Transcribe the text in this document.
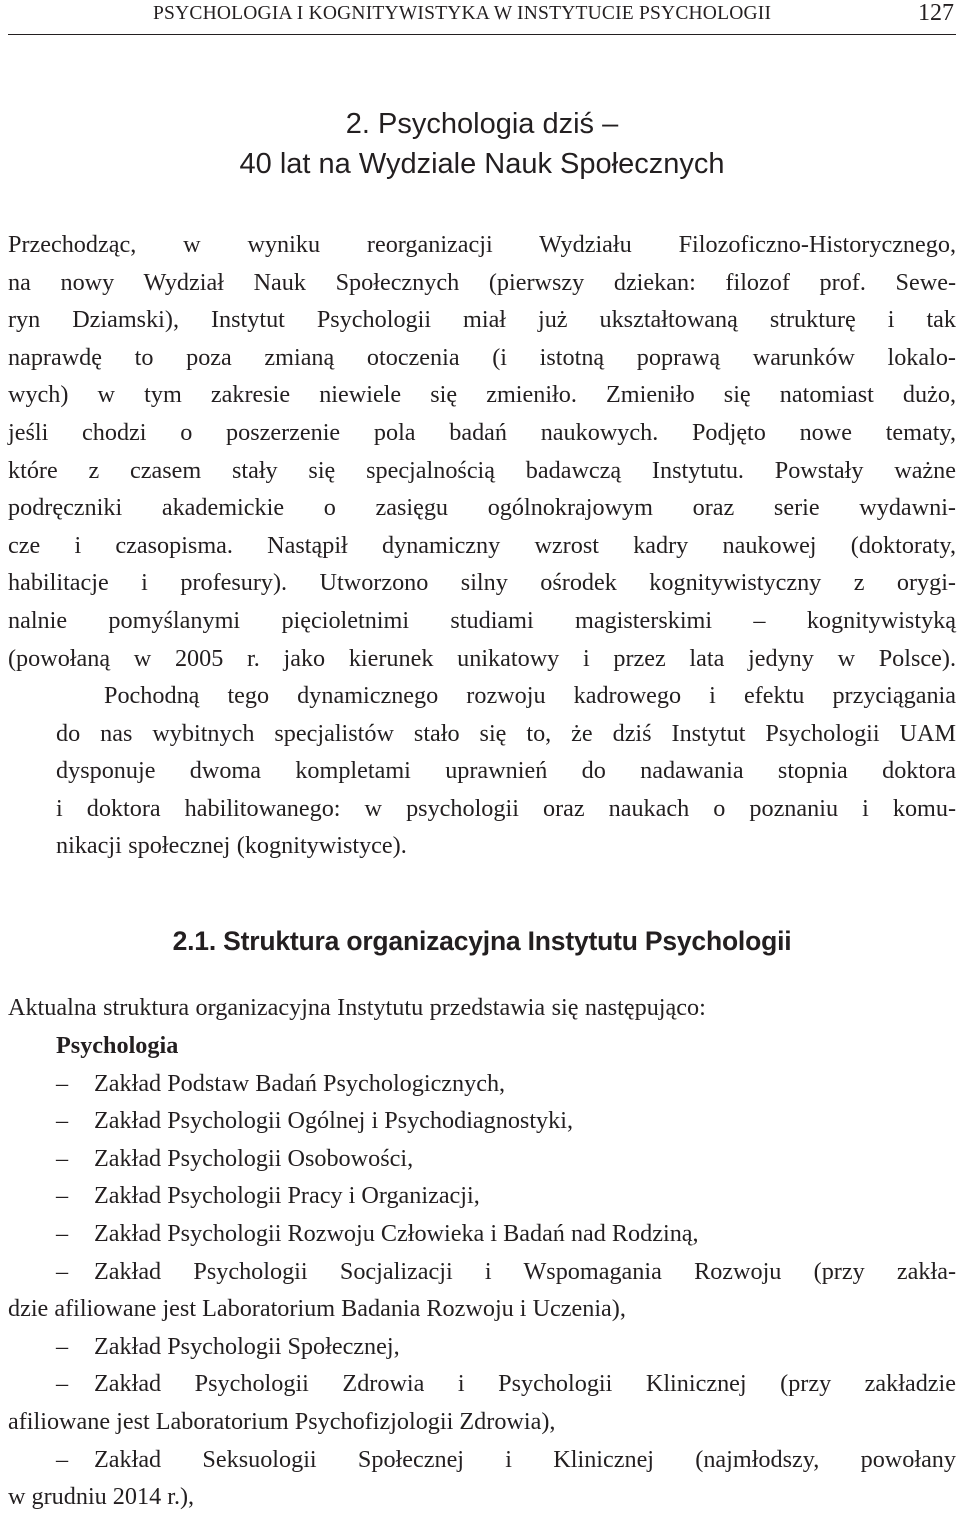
PSYCHOLOGIA I KOGNITYWISTYKA W INSTYTUCIE PSYCHOLOGII	127
2. Psychologia dziś –
40 lat na Wydziale Nauk Społecznych
Przechodząc, w wyniku reorganizacji Wydziału Filozoficzno-Historycznego,
na nowy Wydział Nauk Społecznych (pierwszy dziekan: filozof prof. Sewe-
ryn Dziamski), Instytut Psychologii miał już ukształtowaną strukturę i tak
naprawdę to poza zmianą otoczenia (i istotną poprawą warunków lokalo-
wych) w tym zakresie niewiele się zmieniło. Zmieniło się natomiast dużo,
jeśli chodzi o poszerzenie pola badań naukowych. Podjęto nowe tematy,
które z czasem stały się specjalnością badawczą Instytutu. Powstały ważne
podręczniki akademickie o zasięgu ogólnokrajowym oraz serie wydawni-
cze i czasopisma. Nastąpił dynamiczny wzrost kadry naukowej (doktoraty,
habilitacje i profesury). Utworzono silny ośrodek kognitywistyczny z orygi-
nalnie pomyślanymi pięcioletnimi studiami magisterskimi – kognitywistyką
(powołaną w 2005 r. jako kierunek unikatowy i przez lata jedyny w Polsce).
Pochodną tego dynamicznego rozwoju kadrowego i efektu przyciągania
do nas wybitnych specjalistów stało się to, że dziś Instytut Psychologii UAM
dysponuje dwoma kompletami uprawnień do nadawania stopnia doktora
i doktora habilitowanego: w psychologii oraz naukach o poznaniu i komu-
nikacji społecznej (kognitywistyce).
2.1. Struktura organizacyjna Instytutu Psychologii
Aktualna struktura organizacyjna Instytutu przedstawia się następująco:
Psychologia
– Zakład Podstaw Badań Psychologicznych,
– Zakład Psychologii Ogólnej i Psychodiagnostyki,
– Zakład Psychologii Osobowości,
– Zakład Psychologii Pracy i Organizacji,
– Zakład Psychologii Rozwoju Człowieka i Badań nad Rodziną,
– Zakład Psychologii Socjalizacji i Wspomagania Rozwoju (przy zakła-
dzie afiliowane jest Laboratorium Badania Rozwoju i Uczenia),
– Zakład Psychologii Społecznej,
– Zakład Psychologii Zdrowia i Psychologii Klinicznej (przy zakładzie
afiliowane jest Laboratorium Psychofizjologii Zdrowia),
– Zakład Seksuologii Społecznej i Klinicznej (najmłodszy, powołany
w grudniu 2014 r.),
